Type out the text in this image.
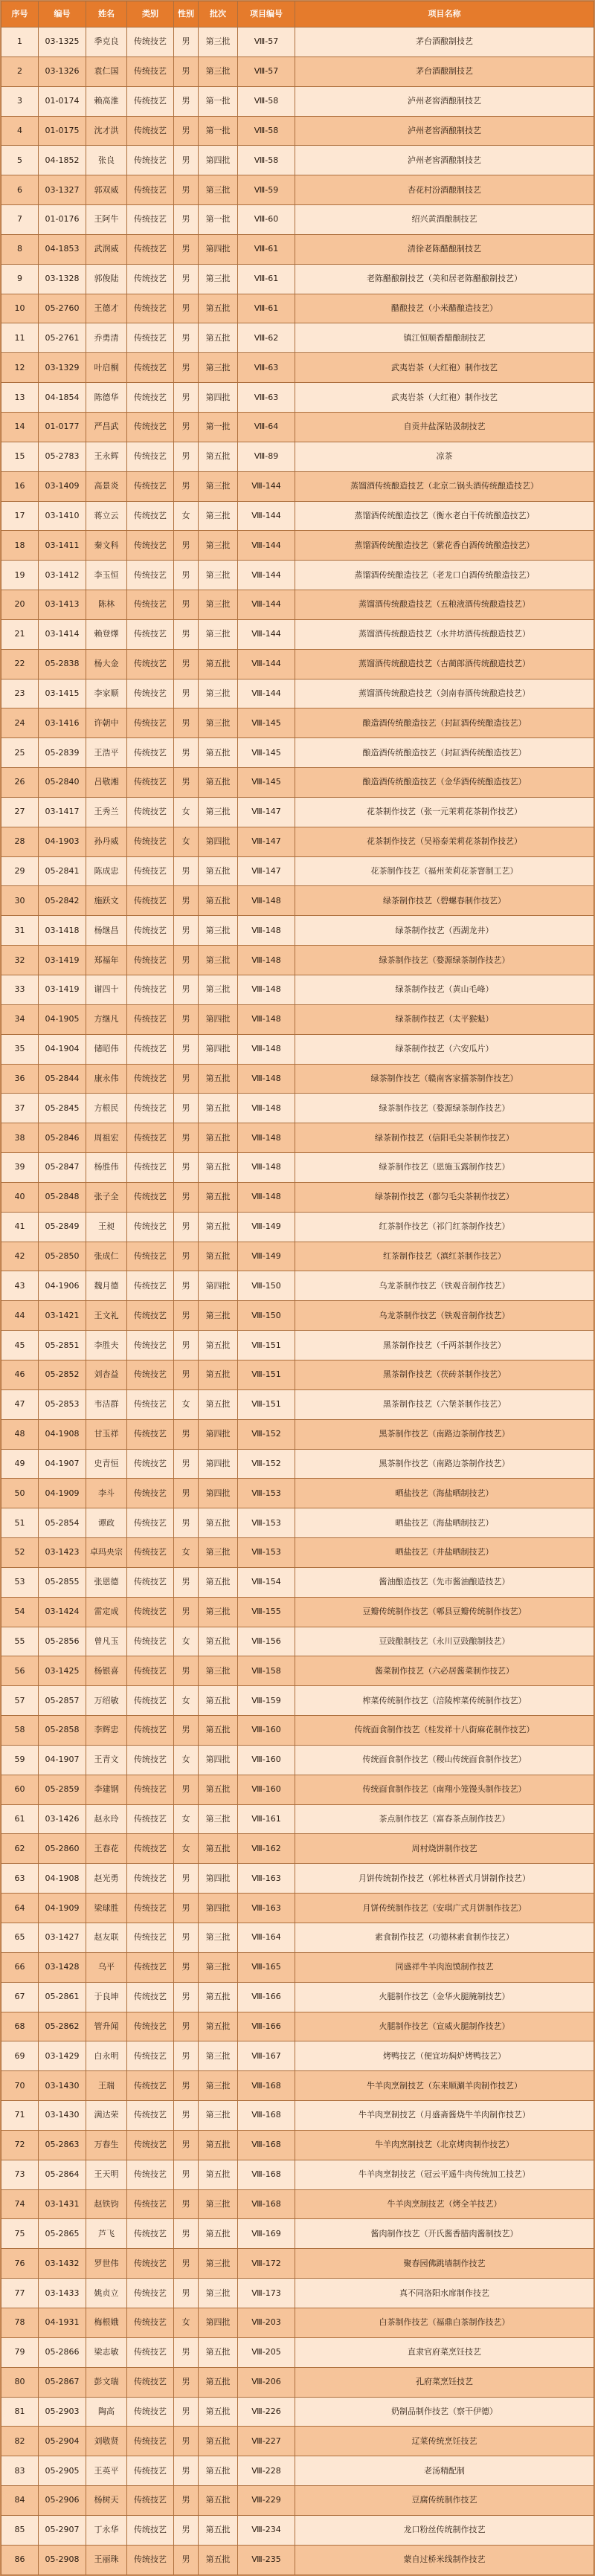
序号	编号	姓名	类别	性别	批次	项目编号	项目名称
1	03-1325	季克良	传统技艺	男	第三批	Ⅷ-57	茅台酒酿制技艺
2	03-1326	袁仁国	传统技艺	男	第三批	Ⅷ-57	茅台酒酿制技艺
3	01-0174	赖高淮	传统技艺	男	第一批	Ⅷ-58	泸州老窖酒酿制技艺
4	01-0175	沈才洪	传统技艺	男	第一批	Ⅷ-58	泸州老窖酒酿制技艺
5	04-1852	张良	传统技艺	男	第四批	Ⅷ-58	泸州老窖酒酿制技艺
6	03-1327	郭双威	传统技艺	男	第三批	Ⅷ-59	杏花村汾酒酿制技艺
7	01-0176	王阿牛	传统技艺	男	第一批	Ⅷ-60	绍兴黄酒酿制技艺
8	04-1853	武润威	传统技艺	男	第四批	Ⅷ-61	清徐老陈醋酿制技艺
9	03-1328	郭俊陆	传统技艺	男	第三批	Ⅷ-61	老陈醋酿制技艺（美和居老陈醋酿制技艺）
10	05-2760	王德才	传统技艺	男	第五批	Ⅷ-61	醋酿技艺（小米醋酿造技艺）
11	05-2761	乔勇清	传统技艺	男	第五批	Ⅷ-62	镇江恒顺香醋酿制技艺
12	03-1329	叶启桐	传统技艺	男	第三批	Ⅷ-63	武夷岩茶（大红袍）制作技艺
13	04-1854	陈德华	传统技艺	男	第四批	Ⅷ-63	武夷岩茶（大红袍）制作技艺
14	01-0177	严昌武	传统技艺	男	第一批	Ⅷ-64	自贡井盐深钻汲制技艺
15	05-2783	王永辉	传统技艺	男	第五批	Ⅷ-89	凉茶
16	03-1409	高景炎	传统技艺	男	第三批	Ⅷ-144	蒸馏酒传统酿造技艺（北京二锅头酒传统酿造技艺）
17	03-1410	蒋立云	传统技艺	女	第三批	Ⅷ-144	蒸馏酒传统酿造技艺（衡水老白干传统酿造技艺）
18	03-1411	秦文科	传统技艺	男	第三批	Ⅷ-144	蒸馏酒传统酿造技艺（紫花香白酒传统酿造技艺）
19	03-1412	李玉恒	传统技艺	男	第三批	Ⅷ-144	蒸馏酒传统酿造技艺（老龙口白酒传统酿造技艺）
20	03-1413	陈林	传统技艺	男	第三批	Ⅷ-144	蒸馏酒传统酿造技艺（五粮液酒传统酿造技艺）
21	03-1414	赖登燡	传统技艺	男	第三批	Ⅷ-144	蒸馏酒传统酿造技艺（水井坊酒传统酿造技艺）
22	05-2838	杨大金	传统技艺	男	第五批	Ⅷ-144	蒸馏酒传统酿造技艺（古蔺郎酒传统酿造技艺）
23	03-1415	李家顺	传统技艺	男	第三批	Ⅷ-144	蒸馏酒传统酿造技艺（剑南春酒传统酿造技艺）
24	03-1416	许朝中	传统技艺	男	第三批	Ⅷ-145	酿造酒传统酿造技艺（封缸酒传统酿造技艺）
25	05-2839	王浩平	传统技艺	男	第五批	Ⅷ-145	酿造酒传统酿造技艺（封缸酒传统酿造技艺）
26	05-2840	吕敬湘	传统技艺	男	第五批	Ⅷ-145	酿造酒传统酿造技艺（金华酒传统酿造技艺）
27	03-1417	王秀兰	传统技艺	女	第三批	Ⅷ-147	花茶制作技艺（张一元茉莉花茶制作技艺）
28	04-1903	孙丹威	传统技艺	女	第四批	Ⅷ-147	花茶制作技艺（吴裕泰茉莉花茶制作技艺）
29	05-2841	陈成忠	传统技艺	男	第五批	Ⅷ-147	花茶制作技艺（福州茉莉花茶窨制工艺）
30	05-2842	施跃文	传统技艺	男	第五批	Ⅷ-148	绿茶制作技艺（碧螺春制作技艺）
31	03-1418	杨继昌	传统技艺	男	第三批	Ⅷ-148	绿茶制作技艺（西湖龙井）
32	03-1419	郑福年	传统技艺	男	第三批	Ⅷ-148	绿茶制作技艺（婺源绿茶制作技艺）
33	03-1419	谢四十	传统技艺	男	第三批	Ⅷ-148	绿茶制作技艺（黄山毛峰）
34	04-1905	方继凡	传统技艺	男	第四批	Ⅷ-148	绿茶制作技艺（太平猴魁）
35	04-1904	储昭伟	传统技艺	男	第四批	Ⅷ-148	绿茶制作技艺（六安瓜片）
36	05-2844	康永伟	传统技艺	男	第五批	Ⅷ-148	绿茶制作技艺（赣南客家擂茶制作技艺）
37	05-2845	方根民	传统技艺	男	第五批	Ⅷ-148	绿茶制作技艺（婺源绿茶制作技艺）
38	05-2846	周祖宏	传统技艺	男	第五批	Ⅷ-148	绿茶制作技艺（信阳毛尖茶制作技艺）
39	05-2847	杨胜伟	传统技艺	男	第五批	Ⅷ-148	绿茶制作技艺（恩施玉露制作技艺）
40	05-2848	张子全	传统技艺	男	第五批	Ⅷ-148	绿茶制作技艺（都匀毛尖茶制作技艺）
41	05-2849	王昶	传统技艺	男	第五批	Ⅷ-149	红茶制作技艺（祁门红茶制作技艺）
42	05-2850	张成仁	传统技艺	男	第五批	Ⅷ-149	红茶制作技艺（滇红茶制作技艺）
43	04-1906	魏月德	传统技艺	男	第四批	Ⅷ-150	乌龙茶制作技艺（铁观音制作技艺）
44	03-1421	王文礼	传统技艺	男	第三批	Ⅷ-150	乌龙茶制作技艺（铁观音制作技艺）
45	05-2851	李胜夫	传统技艺	男	第五批	Ⅷ-151	黑茶制作技艺（千两茶制作技艺）
46	05-2852	刘杏益	传统技艺	男	第五批	Ⅷ-151	黑茶制作技艺（茯砖茶制作技艺）
47	05-2853	韦洁群	传统技艺	女	第五批	Ⅷ-151	黑茶制作技艺（六堡茶制作技艺）
48	04-1908	甘玉祥	传统技艺	男	第四批	Ⅷ-152	黑茶制作技艺（南路边茶制作技艺）
49	04-1907	史青恒	传统技艺	男	第四批	Ⅷ-152	黑茶制作技艺（南路边茶制作技艺）
50	04-1909	李斗	传统技艺	男	第四批	Ⅷ-153	晒盐技艺（海盐晒制技艺）
51	05-2854	谭政	传统技艺	男	第五批	Ⅷ-153	晒盐技艺（海盐晒制技艺）
52	03-1423	卓玛央宗	传统技艺	女	第三批	Ⅷ-153	晒盐技艺（井盐晒制技艺）
53	05-2855	张恩德	传统技艺	男	第五批	Ⅷ-154	酱油酿造技艺（先市酱油酿造技艺）
54	03-1424	雷定成	传统技艺	男	第三批	Ⅷ-155	豆瓣传统制作技艺（郫县豆瓣传统制作技艺）
55	05-2856	曾凡玉	传统技艺	女	第五批	Ⅷ-156	豆豉酿制技艺（永川豆豉酿制技艺）
56	03-1425	杨银喜	传统技艺	男	第三批	Ⅷ-158	酱菜制作技艺（六必居酱菜制作技艺）
57	05-2857	万绍敏	传统技艺	女	第五批	Ⅷ-159	榨菜传统制作技艺（涪陵榨菜传统制作技艺）
58	05-2858	李辉忠	传统技艺	男	第五批	Ⅷ-160	传统面食制作技艺（桂发祥十八街麻花制作技艺）
59	04-1907	王青文	传统技艺	女	第四批	Ⅷ-160	传统面食制作技艺（稷山传统面食制作技艺）
60	05-2859	李建钢	传统技艺	男	第五批	Ⅷ-160	传统面食制作技艺（南翔小笼馒头制作技艺）
61	03-1426	赵永玲	传统技艺	女	第三批	Ⅷ-161	茶点制作技艺（富春茶点制作技艺）
62	05-2860	王春花	传统技艺	女	第五批	Ⅷ-162	周村烧饼制作技艺
63	04-1908	赵光勇	传统技艺	男	第四批	Ⅷ-163	月饼传统制作技艺（郭杜林晋式月饼制作技艺）
64	04-1909	梁球胜	传统技艺	男	第四批	Ⅷ-163	月饼传统制作技艺（安琪广式月饼制作技艺）
65	03-1427	赵友联	传统技艺	男	第三批	Ⅷ-164	素食制作技艺（功德林素食制作技艺）
66	03-1428	乌平	传统技艺	男	第三批	Ⅷ-165	同盛祥牛羊肉泡馍制作技艺
67	05-2861	于良坤	传统技艺	男	第五批	Ⅷ-166	火腿制作技艺（金华火腿腌制技艺）
68	05-2862	管升闻	传统技艺	男	第五批	Ⅷ-166	火腿制作技艺（宣威火腿制作技艺）
69	03-1429	白永明	传统技艺	男	第三批	Ⅷ-167	烤鸭技艺（便宜坊焖炉烤鸭技艺）
70	03-1430	王瑞	传统技艺	男	第三批	Ⅷ-168	牛羊肉烹制技艺（东来顺涮羊肉制作技艺）
71	03-1430	满达荣	传统技艺	男	第三批	Ⅷ-168	牛羊肉烹制技艺（月盛斋酱烧牛羊肉制作技艺）
72	05-2863	万春生	传统技艺	男	第五批	Ⅷ-168	牛羊肉烹制技艺（北京烤肉制作技艺）
73	05-2864	王天明	传统技艺	男	第五批	Ⅷ-168	牛羊肉烹制技艺（冠云平遥牛肉传统加工技艺）
74	03-1431	赵铁钧	传统技艺	男	第三批	Ⅷ-168	牛羊肉烹制技艺（烤全羊技艺）
75	05-2865	芦飞	传统技艺	男	第五批	Ⅷ-169	酱肉制作技艺（开氏酱香腊肉酱制技艺）
76	03-1432	罗世伟	传统技艺	男	第三批	Ⅷ-172	聚春园佛跳墙制作技艺
77	03-1433	姚贞立	传统技艺	男	第三批	Ⅷ-173	真不同洛阳水席制作技艺
78	04-1931	梅根娥	传统技艺	女	第四批	Ⅷ-203	白茶制作技艺（福鼎白茶制作技艺）
79	05-2866	梁志敏	传统技艺	男	第五批	Ⅷ-205	直隶官府菜烹饪技艺
80	05-2867	彭文瑞	传统技艺	男	第五批	Ⅷ-206	孔府菜烹饪技艺
81	05-2903	陶高	传统技艺	男	第五批	Ⅷ-226	奶制品制作技艺（察干伊德）
82	05-2904	刘敬贤	传统技艺	男	第五批	Ⅷ-227	辽菜传统烹饪技艺
83	05-2905	王英平	传统技艺	男	第五批	Ⅷ-228	老汤精配制
84	05-2906	杨树天	传统技艺	男	第五批	Ⅷ-229	豆腐传统制作技艺
85	05-2907	丁永华	传统技艺	男	第五批	Ⅷ-234	龙口粉丝传统制作技艺
86	05-2908	王丽珠	传统技艺	男	第五批	Ⅷ-235	蒙自过桥米线制作技艺
